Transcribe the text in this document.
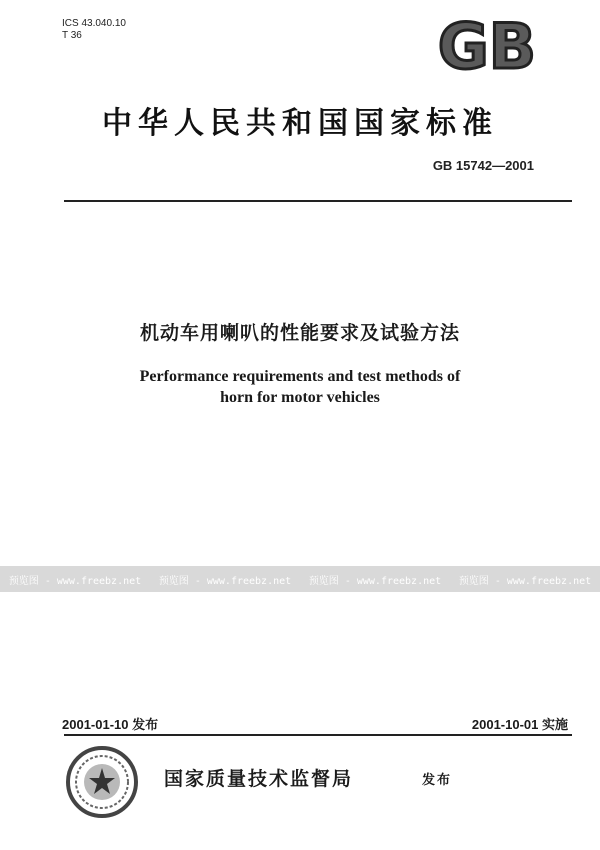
ICS 43.040.10
T 36	GB
中华人民共和国国家标准
GB 15742—2001
机动车用喇叭的性能要求及试验方法
Performance requirements and test methods of
horn for motor vehicles
预览图 - www.freebz.net	预览图 - www.freebz.net	预览图 - www.freebz.net	预览图 - www.freebz.net
2001-01-10 发布	2001-10-01 实施
国家质量技术监督局	发布
